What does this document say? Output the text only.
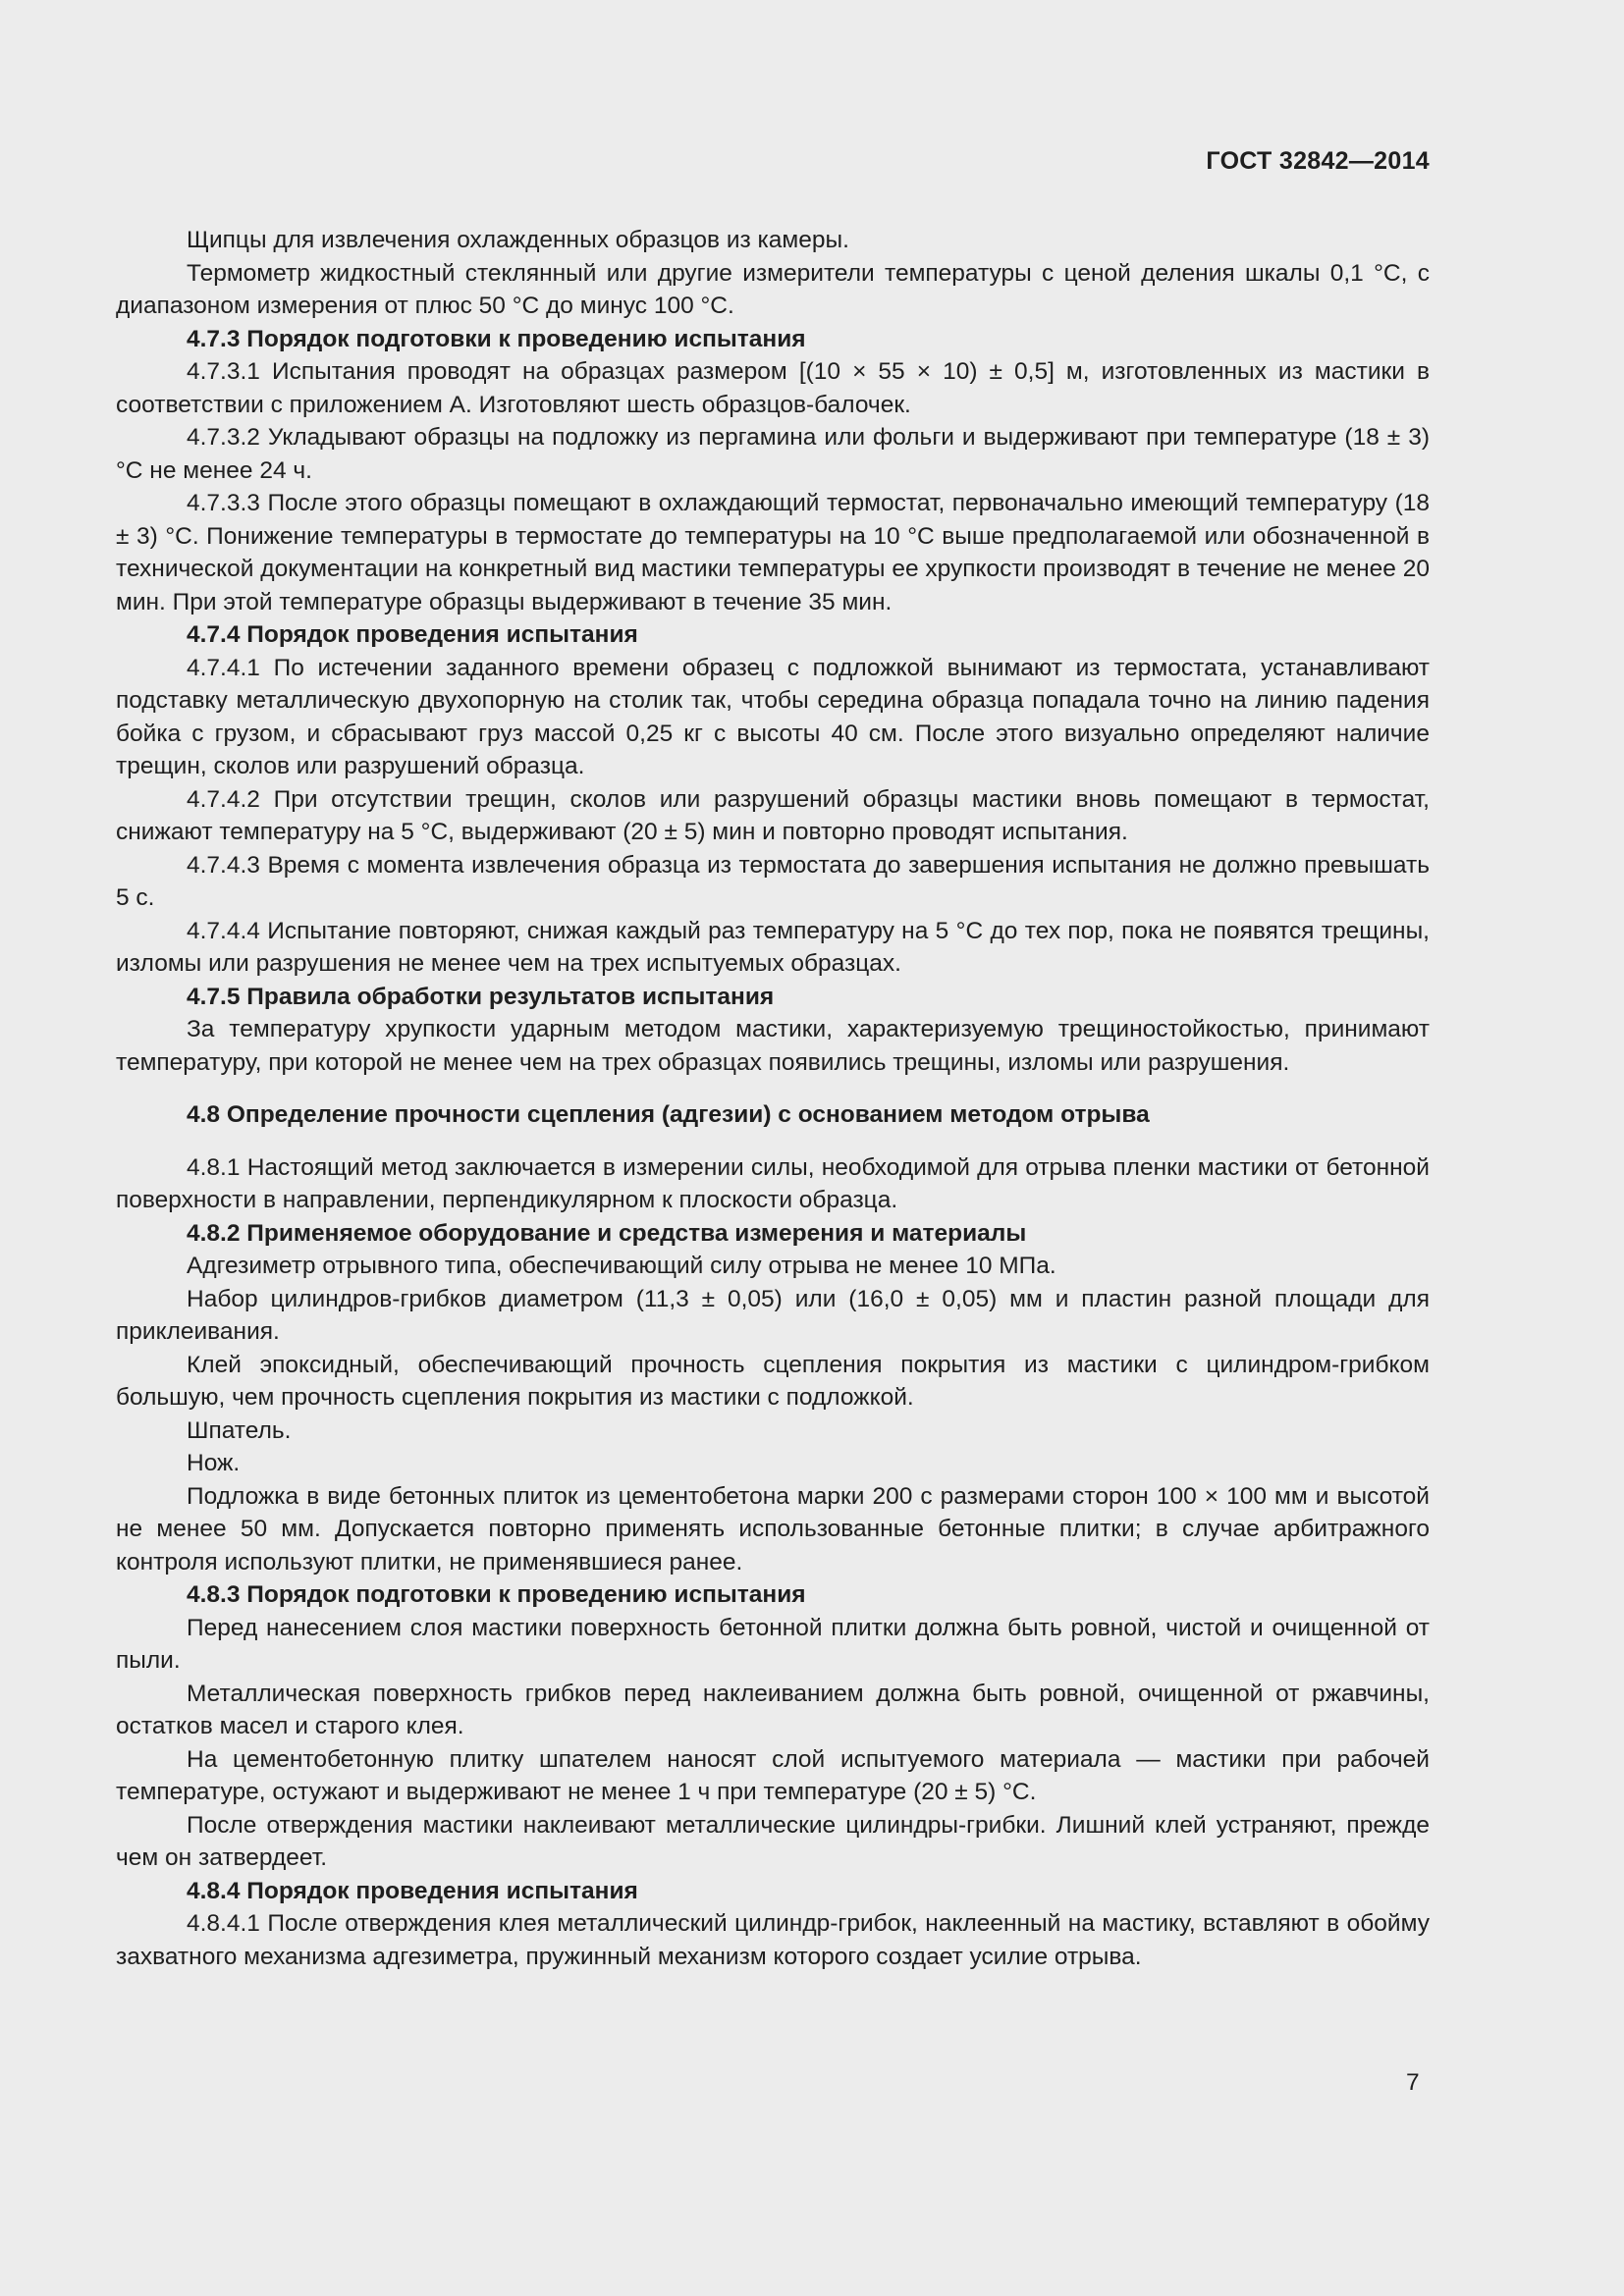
ГОСТ 32842—2014

Щипцы для извлечения охлажденных образцов из камеры.

Термометр жидкостный стеклянный или другие измерители температуры с ценой деления шкалы 0,1 °С, с диапазоном измерения от плюс 50 °С до минус 100 °С.

4.7.3 Порядок подготовки к проведению испытания

4.7.3.1 Испытания проводят на образцах размером [(10 × 55 × 10) ± 0,5] м, изготовленных из мастики в соответствии с приложением А. Изготовляют шесть образцов-балочек.

4.7.3.2 Укладывают образцы на подложку из пергамина или фольги и выдерживают при температуре (18 ± 3) °С не менее 24 ч.

4.7.3.3 После этого образцы помещают в охлаждающий термостат, первоначально имеющий температуру (18 ± 3) °С. Понижение температуры в термостате до температуры на 10 °С выше предполагаемой или обозначенной в технической документации на конкретный вид мастики температуры ее хрупкости производят в течение не менее 20 мин. При этой температуре образцы выдерживают в течение 35 мин.

4.7.4 Порядок проведения испытания

4.7.4.1 По истечении заданного времени образец с подложкой вынимают из термостата, устанавливают подставку металлическую двухопорную на столик так, чтобы середина образца попадала точно на линию падения бойка с грузом, и сбрасывают груз массой 0,25 кг с высоты 40 см. После этого визуально определяют наличие трещин, сколов или разрушений образца.

4.7.4.2 При отсутствии трещин, сколов или разрушений образцы мастики вновь помещают в термостат, снижают температуру на 5 °С, выдерживают (20 ± 5) мин и повторно проводят испытания.

4.7.4.3 Время с момента извлечения образца из термостата до завершения испытания не должно превышать 5 с.

4.7.4.4 Испытание повторяют, снижая каждый раз температуру на 5 °С до тех пор, пока не появятся трещины, изломы или разрушения не менее чем на трех испытуемых образцах.

4.7.5 Правила обработки результатов испытания

За температуру хрупкости ударным методом мастики, характеризуемую трещиностойкостью, принимают температуру, при которой не менее чем на трех образцах появились трещины, изломы или разрушения.

4.8 Определение прочности сцепления (адгезии) с основанием методом отрыва

4.8.1 Настоящий метод заключается в измерении силы, необходимой для отрыва пленки мастики от бетонной поверхности в направлении, перпендикулярном к плоскости образца.

4.8.2 Применяемое оборудование и средства измерения и материалы

Адгезиметр отрывного типа, обеспечивающий силу отрыва не менее 10 МПа.

Набор цилиндров-грибков диаметром (11,3 ± 0,05) или (16,0 ± 0,05) мм и пластин разной площади для приклеивания.

Клей эпоксидный, обеспечивающий прочность сцепления покрытия из мастики с цилиндром-грибком большую, чем прочность сцепления покрытия из мастики с подложкой.

Шпатель.

Нож.

Подложка в виде бетонных плиток из цементобетона марки 200 с размерами сторон 100 × 100 мм и высотой не менее 50 мм. Допускается повторно применять использованные бетонные плитки; в случае арбитражного контроля используют плитки, не применявшиеся ранее.

4.8.3 Порядок подготовки к проведению испытания

Перед нанесением слоя мастики поверхность бетонной плитки должна быть ровной, чистой и очищенной от пыли.

Металлическая поверхность грибков перед наклеиванием должна быть ровной, очищенной от ржавчины, остатков масел и старого клея.

На цементобетонную плитку шпателем наносят слой испытуемого материала — мастики при рабочей температуре, остужают и выдерживают не менее 1 ч при температуре (20 ± 5) °С.

После отверждения мастики наклеивают металлические цилиндры-грибки. Лишний клей устраняют, прежде чем он затвердеет.

4.8.4 Порядок проведения испытания

4.8.4.1 После отверждения клея металлический цилиндр-грибок, наклеенный на мастику, вставляют в обойму захватного механизма адгезиметра, пружинный механизм которого создает усилие отрыва.

7
